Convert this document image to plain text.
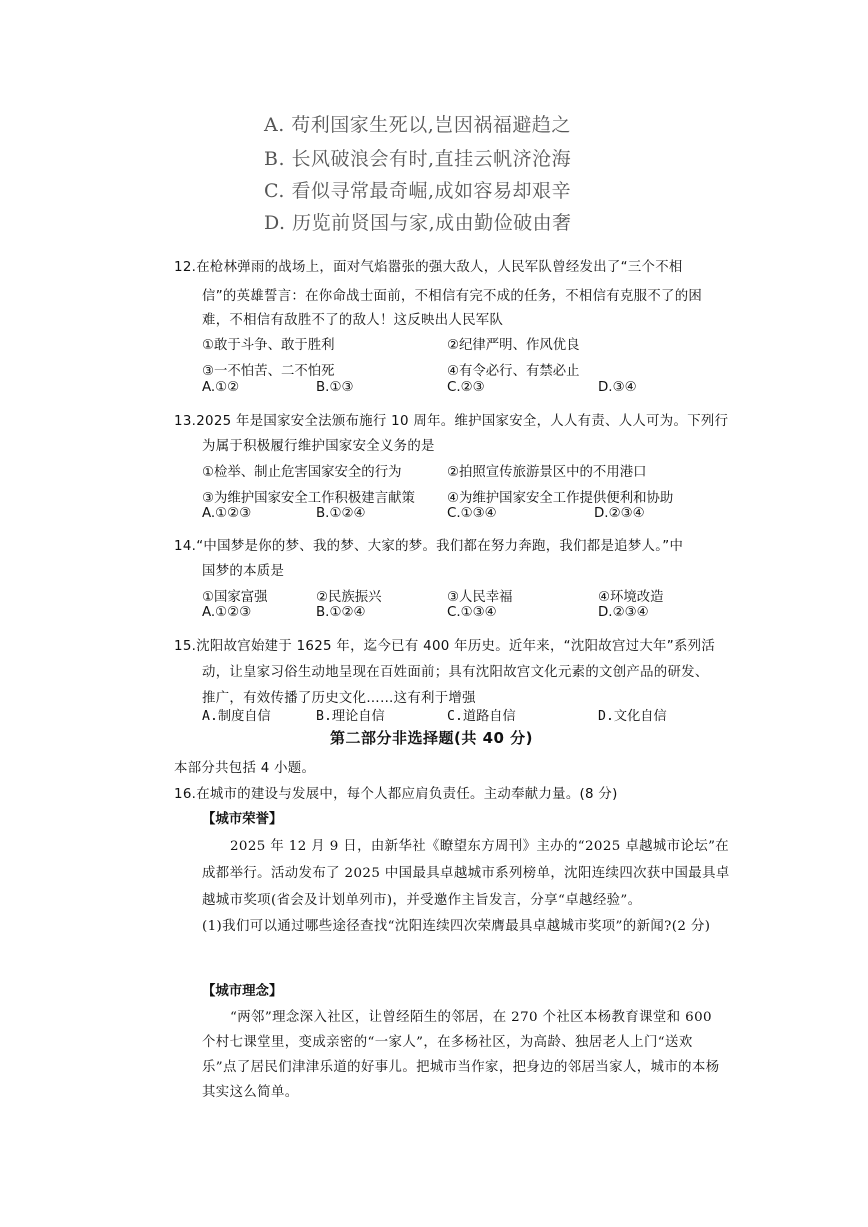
A. 苟利国家生死以,岂因祸福避趋之
B. 长风破浪会有时,直挂云帆济沧海
C. 看似寻常最奇崛,成如容易却艰辛
D. 历览前贤国与家,成由勤俭破由奢
12.在枪林弹雨的战场上，面对气焰嚣张的强大敌人，人民军队曾经发出了“三个不相
信”的英雄誓言：在你命战士面前，不相信有完不成的任务，不相信有克服不了的困
难，不相信有敌胜不了的敌人！这反映出人民军队
①敢于斗争、敢于胜利	②纪律严明、作风优良
③一不怕苦、二不怕死	④有令必行、有禁必止
A.①②	B.①③	C.②③	D.③④
13.2025 年是国家安全法颁布施行 10 周年。维护国家安全，人人有责、人人可为。下列行
为属于积极履行维护国家安全义务的是
①检举、制止危害国家安全的行为	②拍照宣传旅游景区中的不用港口
③为维护国家安全工作积极建言献策 ④为维护国家安全工作提供便利和协助
A.①②③	B.①②④	C.①③④	D.②③④
14.“中国梦是你的梦、我的梦、大家的梦。我们都在努力奔跑，我们都是追梦人。”中
国梦的本质是
①国家富强	②民族振兴	③人民幸福	④环境改造
A.①②③	B.①②④	C.①③④	D.②③④
15.沈阳故宫始建于 1625 年，迄今已有 400 年历史。近年来，“沈阳故宫过大年”系列活
动，让皇家习俗生动地呈现在百姓面前；具有沈阳故宫文化元素的文创产品的研发、
推广，有效传播了历史文化……这有利于增强
A.制度自信	B.理论自信	C.道路自信	D.文化自信
第二部分非选择题(共 40 分)
本部分共包括 4 小题。
16.在城市的建设与发展中，每个人都应肩负责任。主动奉献力量。(8 分)
【城市荣誉】
2025 年 12 月 9 日，由新华社《瞭望东方周刊》主办的“2025 卓越城市论坛”在
成都举行。活动发布了 2025 中国最具卓越城市系列榜单，沈阳连续四次获中国最具卓
越城市奖项(省会及计划单列市)，并受邀作主旨发言，分享“卓越经验”。
(1)我们可以通过哪些途径查找“沈阳连续四次荣膺最具卓越城市奖项”的新闻?(2 分)
【城市理念】
“两邻”理念深入社区，让曾经陌生的邻居，在 270 个社区本杨教育课堂和 600
个村七课堂里，变成亲密的“一家人”，在多杨社区，为高龄、独居老人上门“送欢
乐”点了居民们津津乐道的好事儿。把城市当作家，把身边的邻居当家人，城市的本杨
其实这么简单。
